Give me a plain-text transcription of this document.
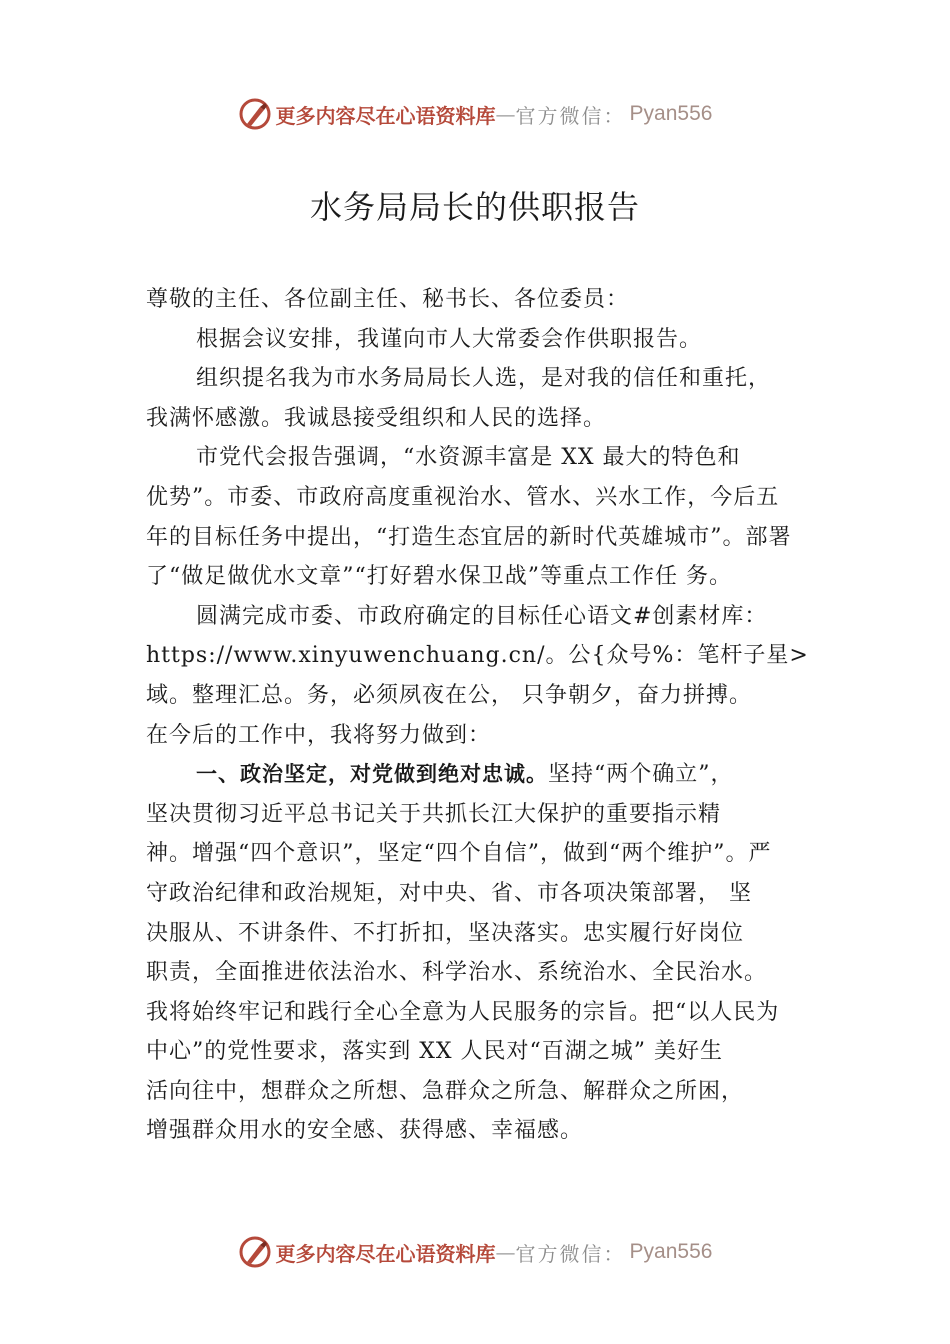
更多内容尽在心语资料库 — 官方微信： Pyan556
水务局局长的供职报告
尊敬的主任、各位副主任、秘书长、各位委员：
根据会议安排，我谨向市人大常委会作供职报告。
组织提名我为市水务局局长人选，是对我的信任和重托，
我满怀感激。我诚恳接受组织和人民的选择。
市党代会报告强调，“水资源丰富是 XX 最大的特色和
优势”。市委、市政府高度重视治水、管水、兴水工作，今后五
年的目标任务中提出，“打造生态宜居的新时代英雄城市”。部署
了“做足做优水文章”“打好碧水保卫战”等重点工作任 务。
圆满完成市委、市政府确定的目标任心语文#创素材库：
https://www.xinyuwenchuang.cn/。公{众号%：笔杆子星>
域。整理汇总。务，必须夙夜在公， 只争朝夕，奋力拼搏。
在今后的工作中，我将努力做到：
一、政治坚定，对党做到绝对忠诚。坚持“两个确立”，
坚决贯彻习近平总书记关于共抓长江大保护的重要指示精
神。增强“四个意识”，坚定“四个自信”，做到“两个维护”。严
守政治纪律和政治规矩，对中央、省、市各项决策部署， 坚
决服从、不讲条件、不打折扣，坚决落实。忠实履行好岗位
职责，全面推进依法治水、科学治水、系统治水、全民治水。
我将始终牢记和践行全心全意为人民服务的宗旨。把“以人民为
中心”的党性要求，落实到 XX 人民对“百湖之城” 美好生
活向往中，想群众之所想、急群众之所急、解群众之所困，
增强群众用水的安全感、获得感、幸福感。
更多内容尽在心语资料库 — 官方微信： Pyan556
